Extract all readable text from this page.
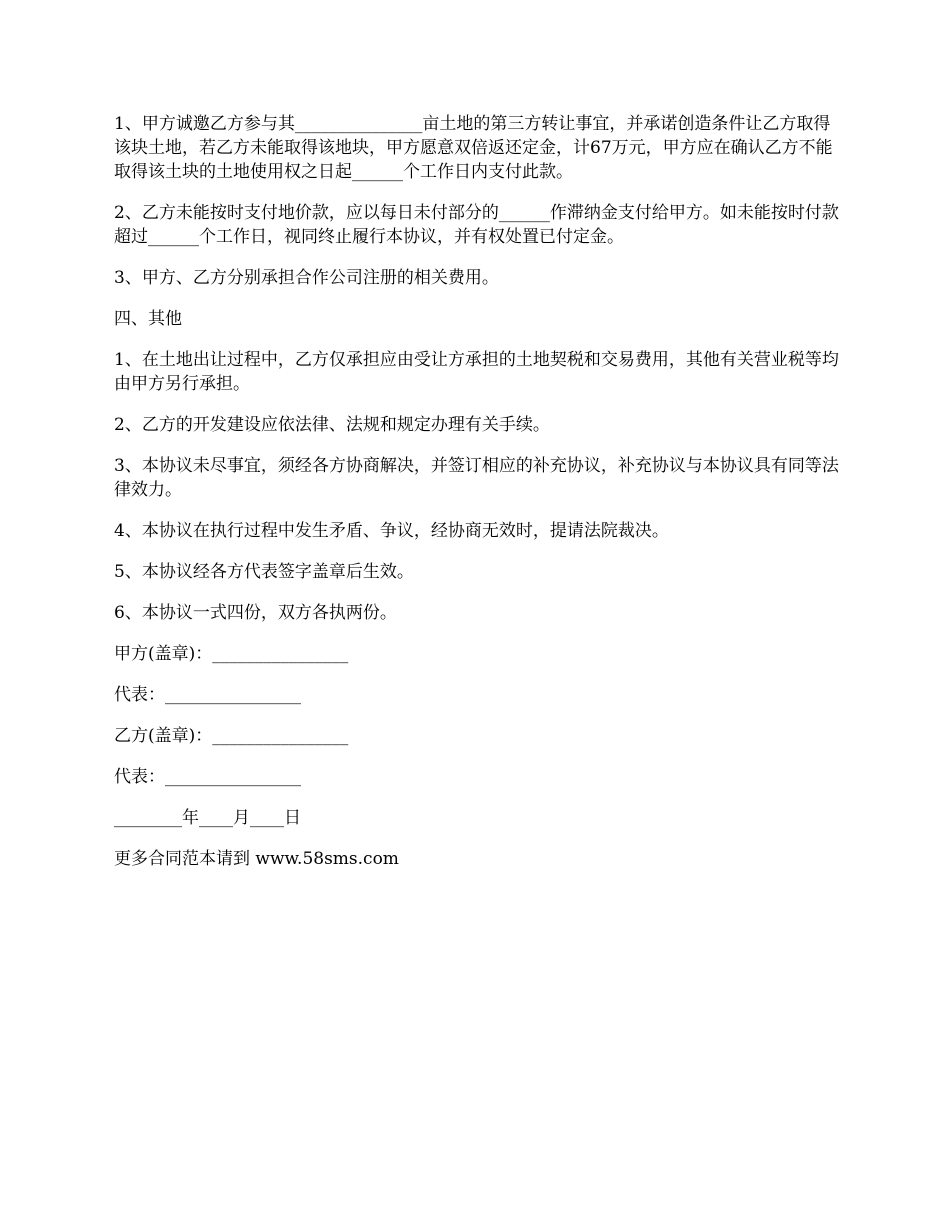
1、甲方诚邀乙方参与其_______________亩土地的第三方转让事宜，并承诺创造条件让乙方取得该块土地，若乙方未能取得该地块，甲方愿意双倍返还定金，计67万元，甲方应在确认乙方不能取得该土块的土地使用权之日起______个工作日内支付此款。

2、乙方未能按时支付地价款，应以每日未付部分的______作滞纳金支付给甲方。如未能按时付款超过______个工作日，视同终止履行本协议，并有权处置已付定金。

3、甲方、乙方分别承担合作公司注册的相关费用。

四、其他

1、在土地出让过程中，乙方仅承担应由受让方承担的土地契税和交易费用，其他有关营业税等均由甲方另行承担。

2、乙方的开发建设应依法律、法规和规定办理有关手续。

3、本协议未尽事宜，须经各方协商解决，并签订相应的补充协议，补充协议与本协议具有同等法律效力。

4、本协议在执行过程中发生矛盾、争议，经协商无效时，提请法院裁决。

5、本协议经各方代表签字盖章后生效。

6、本协议一式四份，双方各执两份。

甲方(盖章)：________________

代表：________________

乙方(盖章)：________________

代表：________________

________年____月____日

更多合同范本请到 www.58sms.com
